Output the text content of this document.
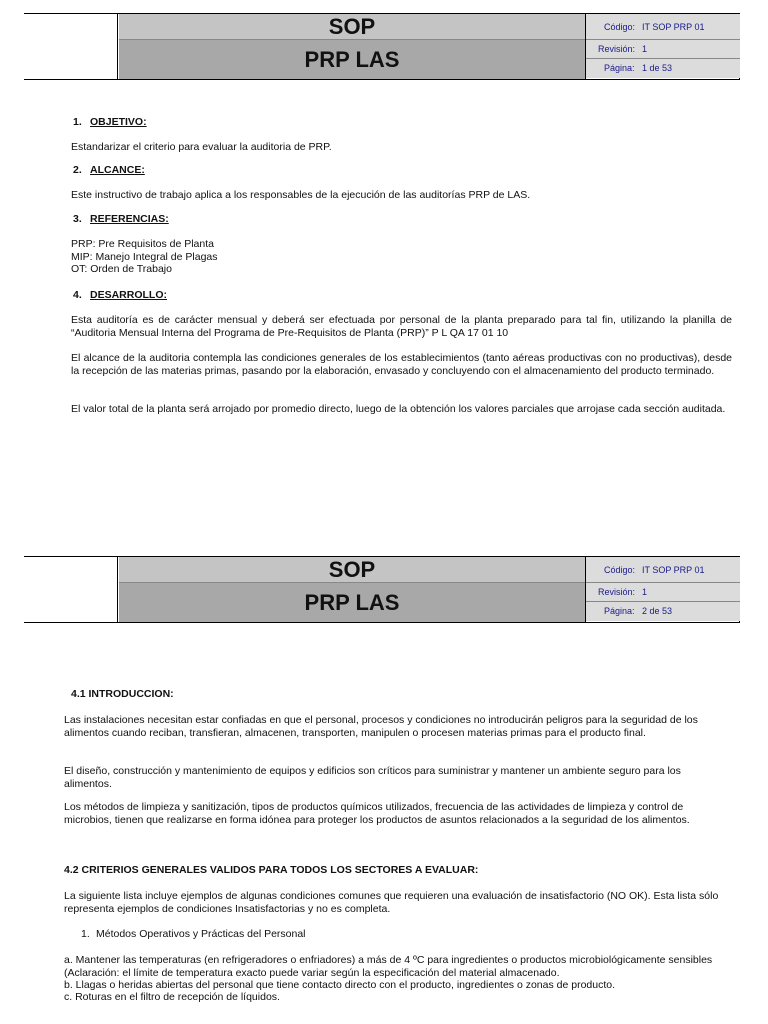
SOP
PRP LAS
Código: IT SOP PRP 01
Revisión: 1
Página: 1 de 53
1. OBJETIVO:

Estandarizar el criterio para evaluar la auditoria de PRP.

2. ALCANCE:

Este instructivo de trabajo aplica a los responsables de la ejecución de las auditorías PRP de LAS.

3. REFERENCIAS:
PRP: Pre Requisitos de Planta
MIP: Manejo Integral de Plagas
OT: Orden de Trabajo
4. DESARROLLO:

Esta auditoría es de carácter mensual y deberá ser efectuada por personal de la planta preparado para tal fin, utilizando la planilla de “Auditoria Mensual Interna del Programa de Pre-Requisitos de Planta (PRP)” P L QA 17 01 10

El alcance de la auditoria contempla las condiciones generales de los establecimientos (tanto aéreas productivas con no productivas), desde la recepción de las materias primas, pasando por la elaboración, envasado y concluyendo con el almacenamiento del producto terminado.

El valor total de la planta será arrojado por promedio directo, luego de la obtención los valores parciales que arrojase cada sección auditada.

SOP
PRP LAS
Código: IT SOP PRP 01
Revisión: 1
Página: 2 de 53
4.1 INTRODUCCION:

Las instalaciones necesitan estar confiadas en que el personal, procesos y condiciones no introducirán peligros para la seguridad de los alimentos cuando reciban, transfieran, almacenen, transporten, manipulen o procesen materias primas para el producto final.

El diseño, construcción y mantenimiento de equipos y edificios son críticos para suministrar y mantener un ambiente seguro para los alimentos.

Los métodos de limpieza y sanitización, tipos de productos químicos utilizados, frecuencia de las actividades de limpieza y control de microbios, tienen que realizarse en forma idónea para proteger los productos de asuntos relacionados a la seguridad de los alimentos.

4.2 CRITERIOS GENERALES VALIDOS PARA TODOS LOS SECTORES A EVALUAR:

La siguiente lista incluye ejemplos de algunas condiciones comunes que requieren una evaluación de insatisfactorio (NO OK). Esta lista sólo representa ejemplos de condiciones Insatisfactorias y no es completa.

1. Métodos Operativos y Prácticas del Personal

a. Mantener las temperaturas (en refrigeradores o enfriadores) a más de 4 ºC para ingredientes o productos microbiológicamente sensibles (Aclaración: el límite de temperatura exacto puede variar según la especificación del material almacenado.

b. Llagas o heridas abiertas del personal que tiene contacto directo con el producto, ingredientes o zonas de producto.

c. Roturas en el filtro de recepción de líquidos.
